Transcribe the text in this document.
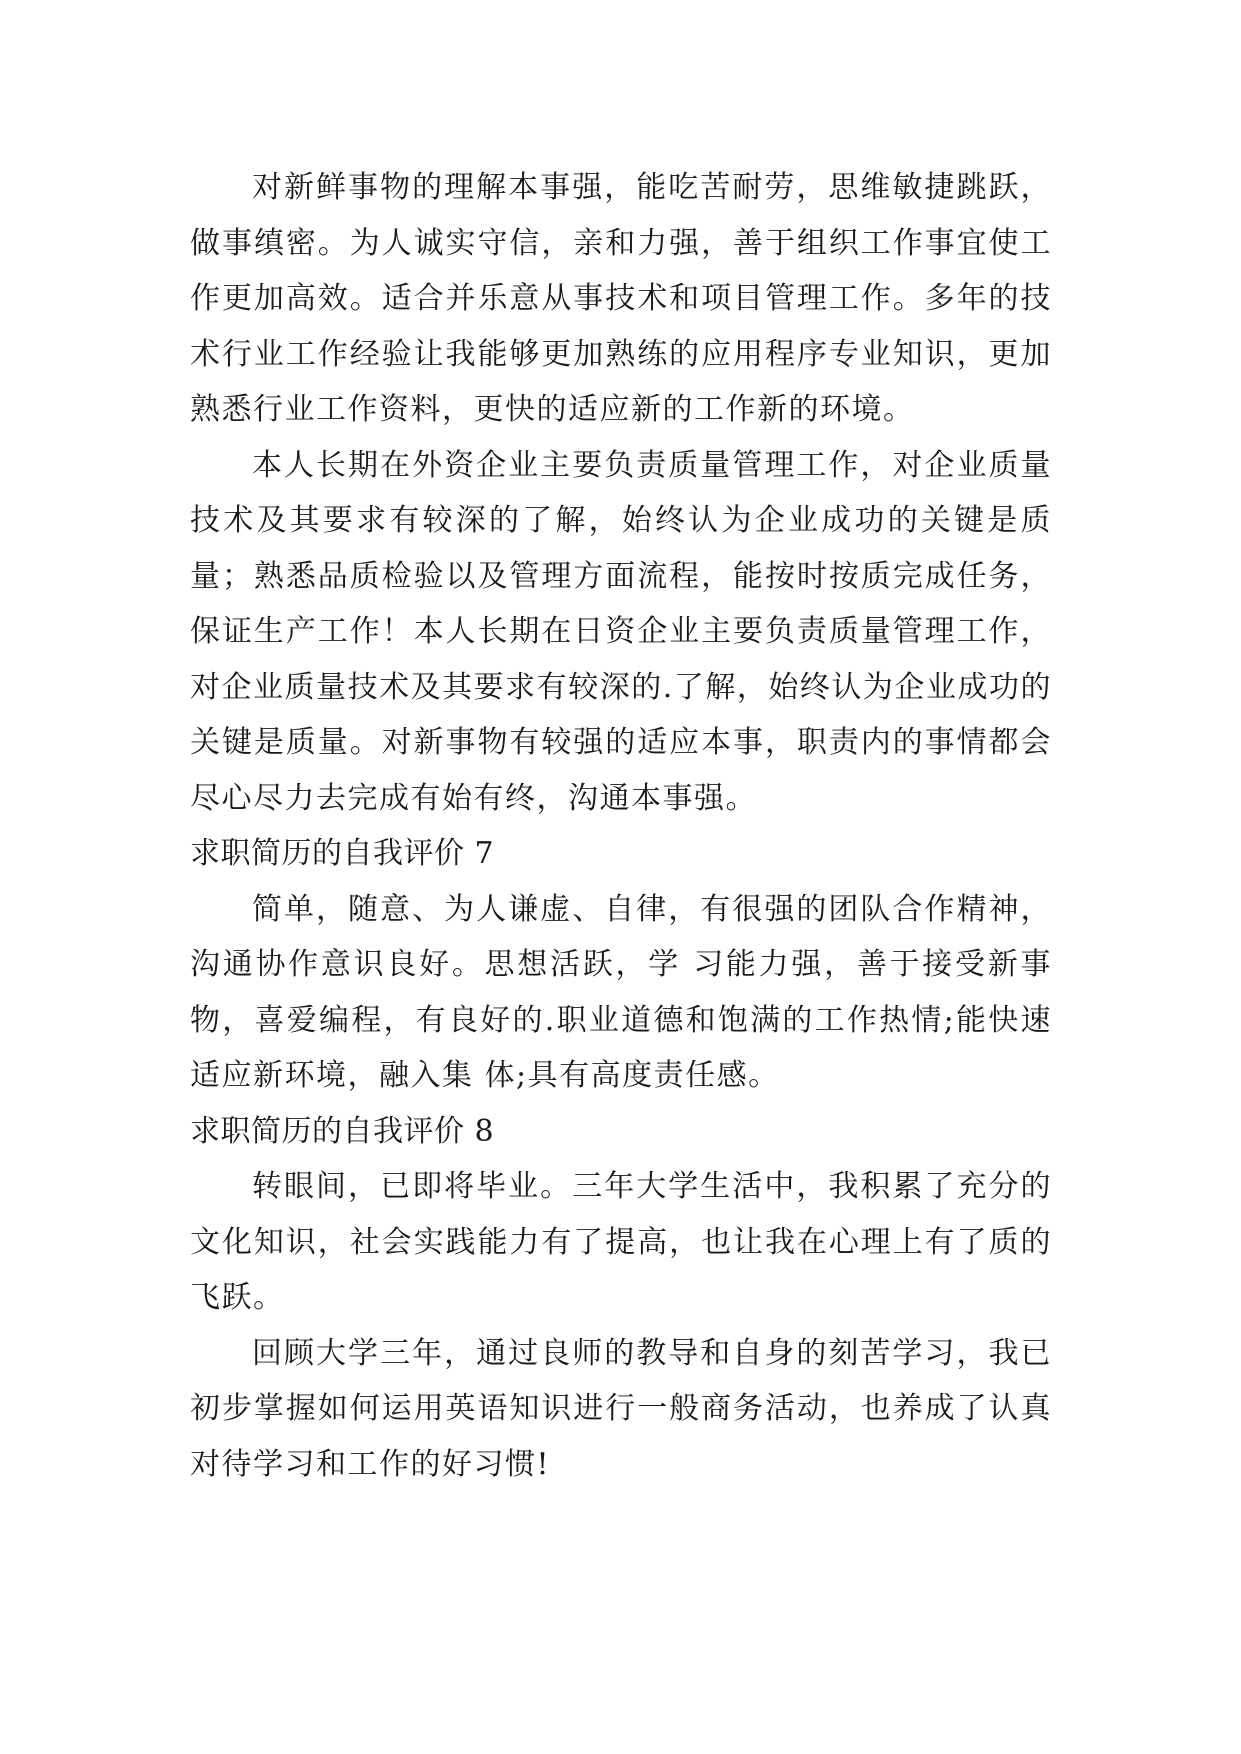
对新鲜事物的理解本事强，能吃苦耐劳，思维敏捷跳跃，做事缜密。为人诚实守信，亲和力强，善于组织工作事宜使工作更加高效。适合并乐意从事技术和项目管理工作。多年的技术行业工作经验让我能够更加熟练的应用程序专业知识，更加熟悉行业工作资料，更快的适应新的工作新的环境。

本人长期在外资企业主要负责质量管理工作，对企业质量技术及其要求有较深的了解，始终认为企业成功的关键是质量；熟悉品质检验以及管理方面流程，能按时按质完成任务，保证生产工作！本人长期在日资企业主要负责质量管理工作，对企业质量技术及其要求有较深的.了解，始终认为企业成功的关键是质量。对新事物有较强的适应本事，职责内的事情都会尽心尽力去完成有始有终，沟通本事强。

求职简历的自我评价 7

简单，随意、为人谦虚、自律，有很强的团队合作精神，沟通协作意识良好。思想活跃，学 习能力强，善于接受新事物，喜爱编程，有良好的.职业道德和饱满的工作热情;能快速适应新环境，融入集 体;具有高度责任感。

求职简历的自我评价 8

转眼间，已即将毕业。三年大学生活中，我积累了充分的文化知识，社会实践能力有了提高，也让我在心理上有了质的飞跃。

回顾大学三年，通过良师的教导和自身的刻苦学习，我已初步掌握如何运用英语知识进行一般商务活动，也养成了认真对待学习和工作的好习惯!
